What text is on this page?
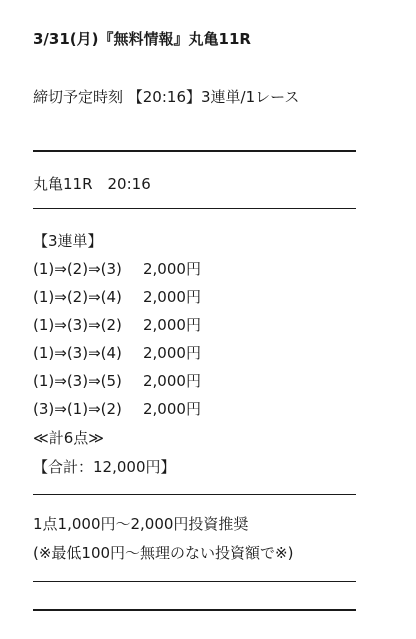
3/31(月)『無料情報』丸亀11R
締切予定時刻 【20:16】3連単/1レース
丸亀11R　20:16
【3連単】
(1)⇒(2)⇒(3) 2,000円
(1)⇒(2)⇒(4) 2,000円
(1)⇒(3)⇒(2) 2,000円
(1)⇒(3)⇒(4) 2,000円
(1)⇒(3)⇒(5) 2,000円
(3)⇒(1)⇒(2) 2,000円
≪計6点≫
【合計：12,000円】
1点1,000円～2,000円投資推奨
(※最低100円～無理のない投資額で※)
